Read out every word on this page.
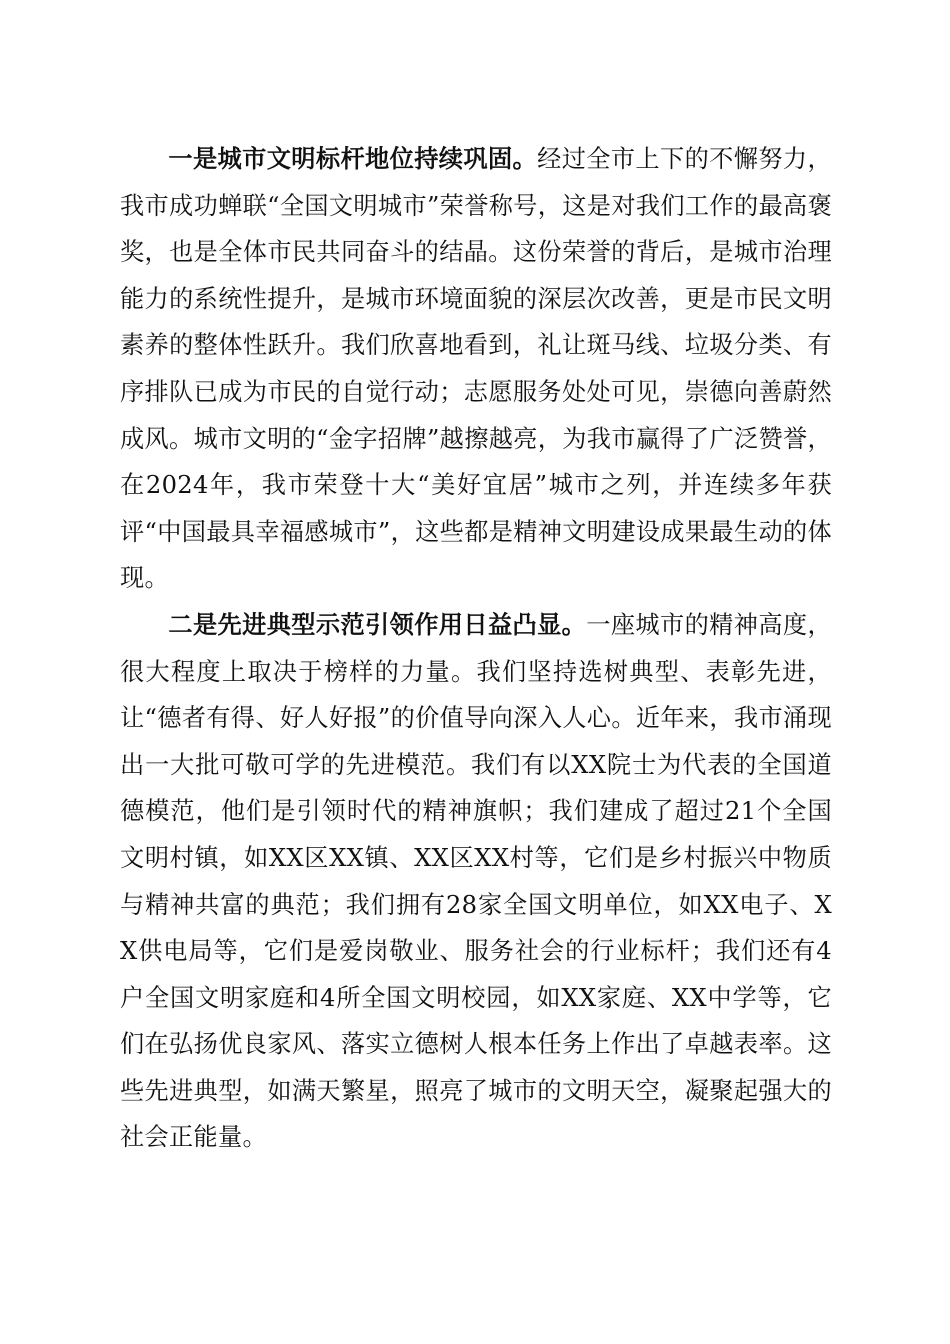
一是城市文明标杆地位持续巩固。经过全市上下的不懈努力，我市成功蝉联“全国文明城市”荣誉称号，这是对我们工作的最高褒奖，也是全体市民共同奋斗的结晶。这份荣誉的背后，是城市治理能力的系统性提升，是城市环境面貌的深层次改善，更是市民文明素养的整体性跃升。我们欣喜地看到，礼让斑马线、垃圾分类、有序排队已成为市民的自觉行动；志愿服务处处可见，崇德向善蔚然成风。城市文明的“金字招牌”越擦越亮，为我市赢得了广泛赞誉，在2024年，我市荣登十大“美好宜居”城市之列，并连续多年获评“中国最具幸福感城市”，这些都是精神文明建设成果最生动的体现。

二是先进典型示范引领作用日益凸显。一座城市的精神高度，很大程度上取决于榜样的力量。我们坚持选树典型、表彰先进，让“德者有得、好人好报”的价值导向深入人心。近年来，我市涌现出一大批可敬可学的先进模范。我们有以XX院士为代表的全国道德模范，他们是引领时代的精神旗帜；我们建成了超过21个全国文明村镇，如XX区XX镇、XX区XX村等，它们是乡村振兴中物质与精神共富的典范；我们拥有28家全国文明单位，如XX电子、XX供电局等，它们是爱岗敬业、服务社会的行业标杆；我们还有4户全国文明家庭和4所全国文明校园，如XX家庭、XX中学等，它们在弘扬优良家风、落实立德树人根本任务上作出了卓越表率。这些先进典型，如满天繁星，照亮了城市的文明天空，凝聚起强大的社会正能量。
